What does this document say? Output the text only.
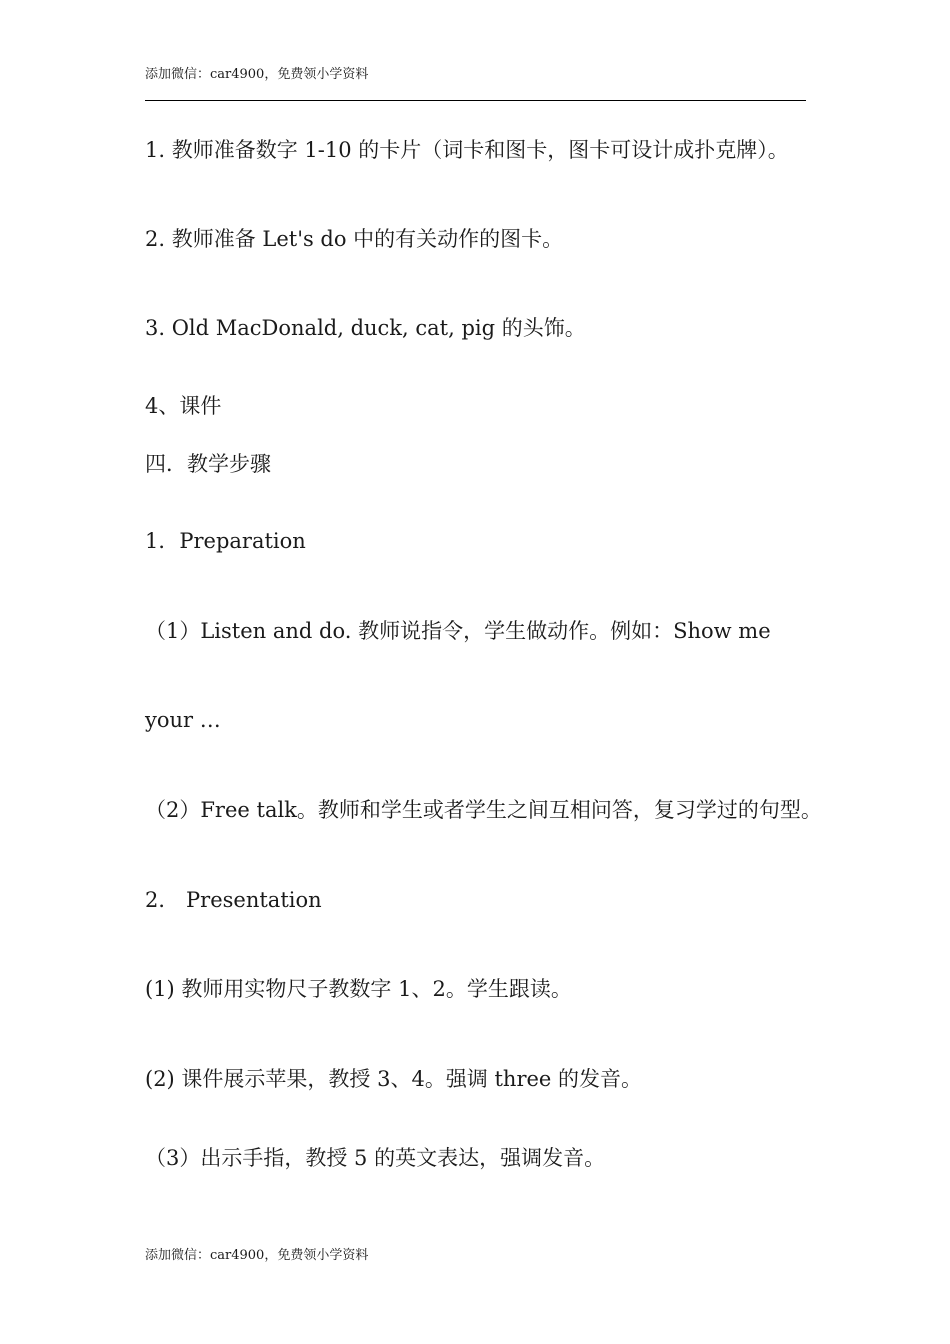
添加微信：car4900，免费领小学资料
1. 教师准备数字 1-10 的卡片（词卡和图卡，图卡可设计成扑克牌）。
2. 教师准备 Let's do 中的有关动作的图卡。
3. Old MacDonald, duck, cat, pig 的头饰。
4、课件
四．教学步骤
1．Preparation
（1）Listen and do. 教师说指令，学生做动作。例如：Show me
your …
（2）Free talk。教师和学生或者学生之间互相问答，复习学过的句型。
2． Presentation
(1) 教师用实物尺子教数字 1、2。学生跟读。
(2) 课件展示苹果，教授 3、4。强调 three 的发音。
（3）出示手指，教授 5 的英文表达，强调发音。
添加微信：car4900，免费领小学资料
